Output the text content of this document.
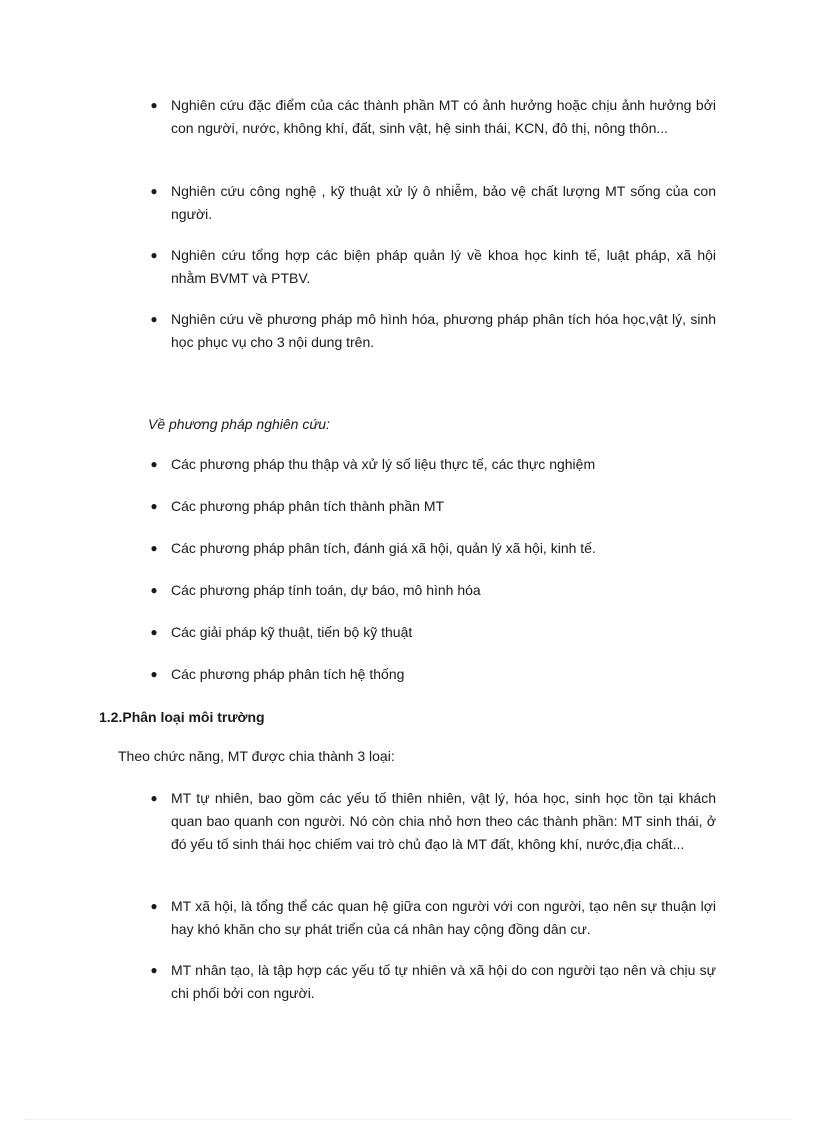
● Nghiên cứu đặc điểm của các thành phần MT có ảnh hưởng hoặc chịu ảnh hưởng bởi con người, nước, không khí, đất, sinh vật, hệ sinh thái, KCN, đô thị, nông thôn...
● Nghiên cứu công nghệ , kỹ thuật xử lý ô nhiễm, bảo vệ chất lượng MT sống của con người.
● Nghiên cứu tổng hợp các biện pháp quản lý về khoa học kinh tế, luật pháp, xã hội nhằm BVMT và PTBV.
● Nghiên cứu về phương pháp mô hình hóa, phương pháp phân tích hóa học,vật lý, sinh học phục vụ cho 3 nội dung trên.
Về phương pháp nghiên cứu:
● Các phương pháp thu thập và xử lý số liệu thực tế, các thực nghiệm
● Các phương pháp phân tích thành phần MT
● Các phương pháp phân tích, đánh giá xã hội, quản lý xã hội, kinh tế.
● Các phương pháp tính toán, dự báo, mô hình hóa
● Các giải pháp kỹ thuật, tiến bộ kỹ thuật
● Các phương pháp phân tích hệ thống
1.2.Phân loại môi trường
Theo chức năng, MT được chia thành 3 loại:
● MT tự nhiên, bao gồm các yếu tố thiên nhiên, vật lý, hóa học, sinh học tồn tại khách quan bao quanh con người. Nó còn chia nhỏ hơn theo các thành phần: MT sinh thái, ở đó yếu tố sinh thái học chiếm vai trò chủ đạo là MT đất, không khí, nước,địa chất...
● MT xã hội, là tổng thể các quan hệ giữa con người với con người, tạo nên sự thuận lợi hay khó khăn cho sự phát triển của cá nhân hay cộng đồng dân cư.
● MT nhân tạo, là tập hợp các yếu tố tự nhiên và xã hội do con người tạo nên và chịu sự chi phối bởi con người.
